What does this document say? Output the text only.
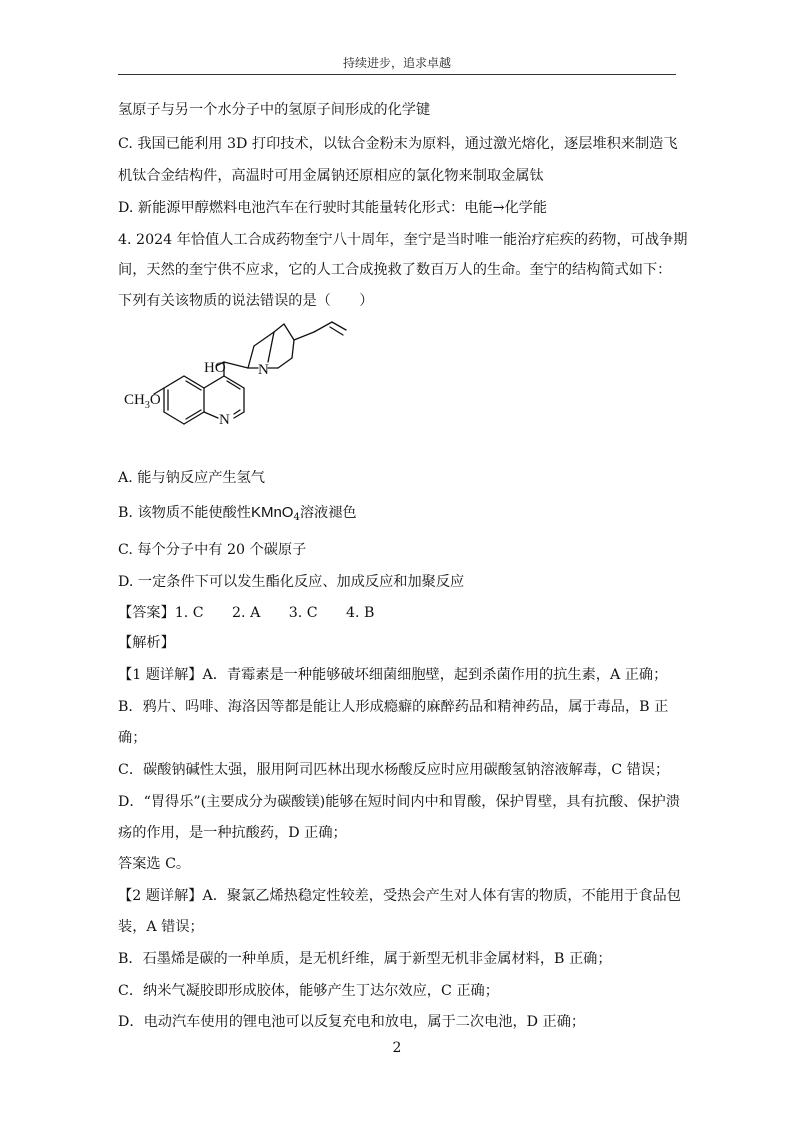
持续进步，追求卓越
氢原子与另一个水分子中的氢原子间形成的化学键
C. 我国已能利用 3D 打印技术，以钛合金粉末为原料，通过激光熔化，逐层堆积来制造飞
机钛合金结构件，高温时可用金属钠还原相应的氯化物来制取金属钛
D. 新能源甲醇燃料电池汽车在行驶时其能量转化形式：电能→化学能
4. 2024 年恰值人工合成药物奎宁八十周年，奎宁是当时唯一能治疗疟疾的药物，可战争期
间，天然的奎宁供不应求，它的人工合成挽救了数百万人的生命。奎宁的结构简式如下：
下列有关该物质的说法错误的是（　　）
HO N
N
$CH_3O$
A. 能与钠反应产生氢气
B. 该物质不能使酸性KMnO$_4$溶液褪色
C. 每个分子中有 20 个碳原子
D. 一定条件下可以发生酯化反应、加成反应和加聚反应
【答案】1. C　　2. A　　3. C　　4. B
【解析】
【1 题详解】A．青霉素是一种能够破坏细菌细胞壁，起到杀菌作用的抗生素，A 正确；
B．鸦片、吗啡、海洛因等都是能让人形成瘾癖的麻醉药品和精神药品，属于毒品，B 正
确；
C．碳酸钠碱性太强，服用阿司匹林出现水杨酸反应时应用碳酸氢钠溶液解毒，C 错误；
D．“胃得乐”(主要成分为碳酸镁)能够在短时间内中和胃酸，保护胃壁，具有抗酸、保护溃
疡的作用，是一种抗酸药，D 正确；
答案选 C。
【2 题详解】A．聚氯乙烯热稳定性较差，受热会产生对人体有害的物质，不能用于食品包
装，A 错误；
B．石墨烯是碳的一种单质，是无机纤维，属于新型无机非金属材料，B 正确；
C．纳米气凝胶即形成胶体，能够产生丁达尔效应，C 正确；
D．电动汽车使用的锂电池可以反复充电和放电，属于二次电池，D 正确；
2
